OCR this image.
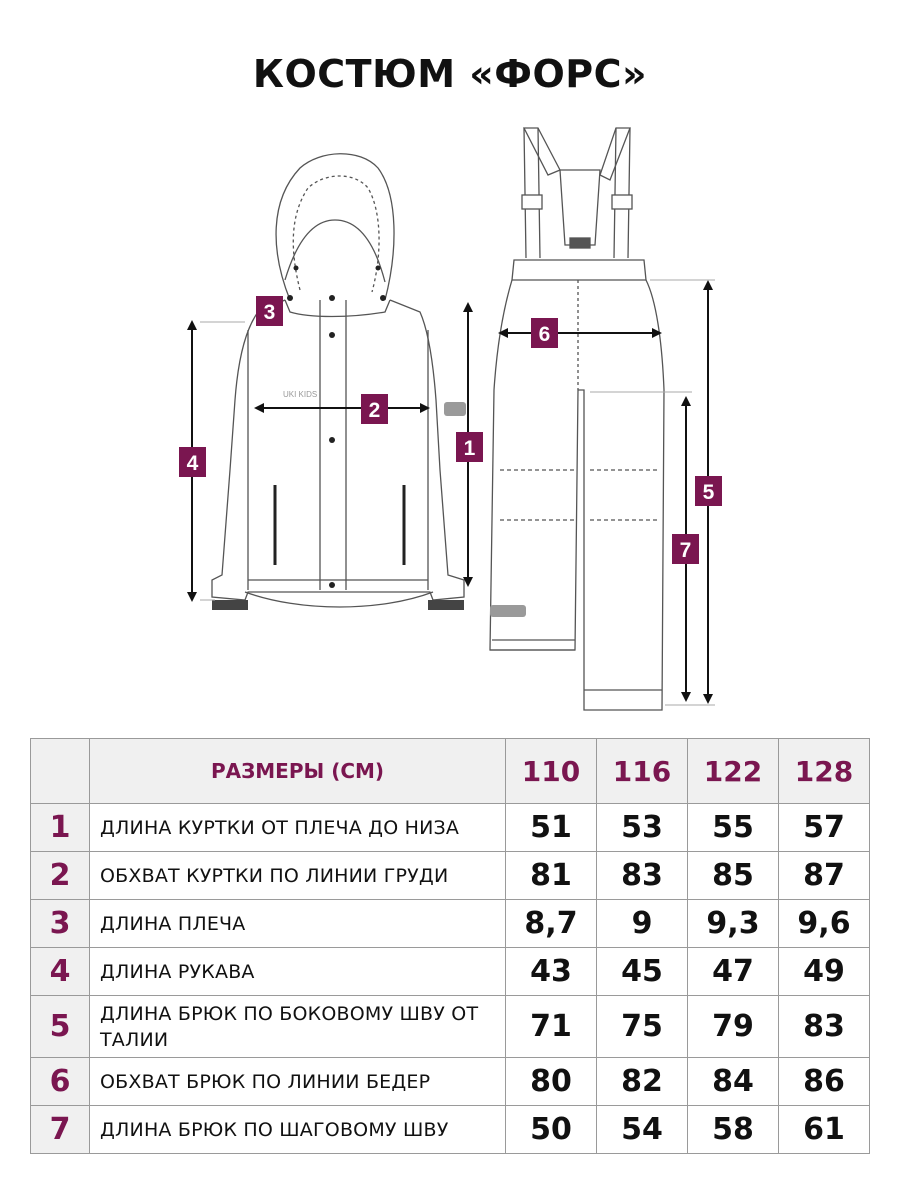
КОСТЮМ «ФОРС»
UKI KIDS
1
2
3
4
5
6
7
	РАЗМЕРЫ (СМ)	110	116	122	128
1	ДЛИНА КУРТКИ ОТ ПЛЕЧА ДО НИЗА	51	53	55	57
2	ОБХВАТ КУРТКИ ПО ЛИНИИ ГРУДИ	81	83	85	87
3	ДЛИНА ПЛЕЧА	8,7	9	9,3	9,6
4	ДЛИНА РУКАВА	43	45	47	49
5	ДЛИНА БРЮК ПО БОКОВОМУ ШВУ ОТ ТАЛИИ	71	75	79	83
6	ОБХВАТ БРЮК ПО ЛИНИИ БЕДЕР	80	82	84	86
7	ДЛИНА БРЮК ПО ШАГОВОМУ ШВУ	50	54	58	61
